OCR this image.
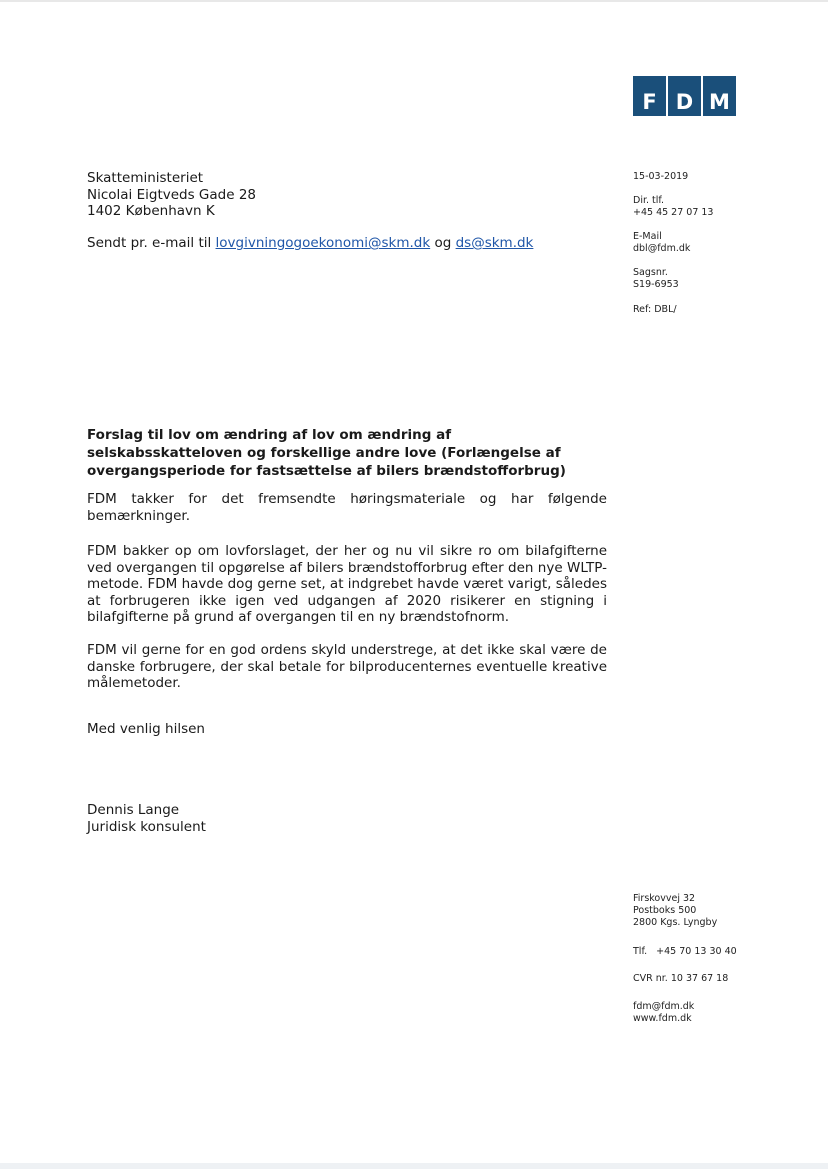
F D M
Skatteministeriet
Nicolai Eigtveds Gade 28
1402 København K
Sendt pr. e-mail til lovgivningogoekonomi@skm.dk og ds@skm.dk
15-03-2019
Dir. tlf.
+45 45 27 07 13
E-Mail
dbl@fdm.dk
Sagsnr.
S19-6953
Ref: DBL/
Forslag til lov om ændring af lov om ændring af selskabsskatteloven og forskellige andre love (Forlængelse af overgangsperiode for fastsættelse af bilers brændstofforbrug)

FDM takker for det fremsendte høringsmateriale og har følgende bemærkninger.

FDM bakker op om lovforslaget, der her og nu vil sikre ro om bilafgifterne ved overgangen til opgørelse af bilers brændstofforbrug efter den nye WLTP-metode. FDM havde dog gerne set, at indgrebet havde været varigt, således at forbrugeren ikke igen ved udgangen af 2020 risikerer en stigning i bilafgifterne på grund af overgangen til en ny brændstofnorm.

FDM vil gerne for en god ordens skyld understrege, at det ikke skal være de danske forbrugere, der skal betale for bilproducenternes eventuelle kreative målemetoder.

Med venlig hilsen
Dennis Lange
Juridisk konsulent
Firskovvej 32
Postboks 500
2800 Kgs. Lyngby
Tlf.   +45 70 13 30 40
CVR nr. 10 37 67 18
fdm@fdm.dk
www.fdm.dk
